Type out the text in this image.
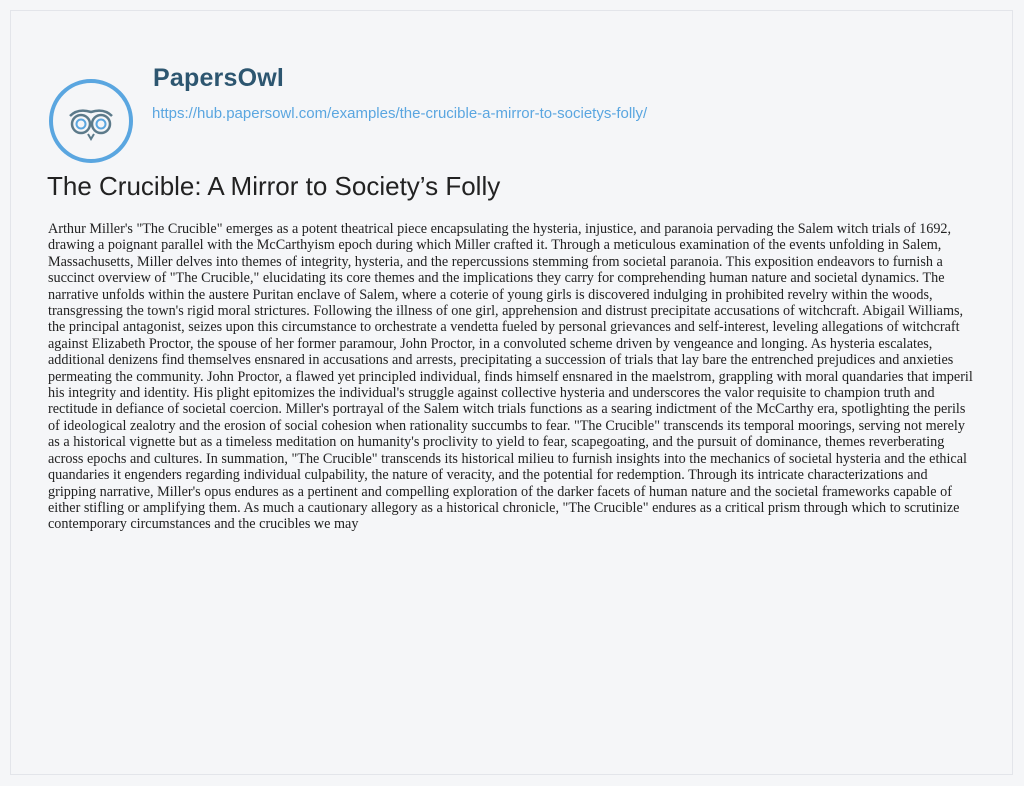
PapersOwl
https://hub.papersowl.com/examples/the-crucible-a-mirror-to-societys-folly/
The Crucible: A Mirror to Society’s Folly

Arthur Miller's "The Crucible" emerges as a potent theatrical piece encapsulating the hysteria, injustice, and paranoia pervading the Salem witch trials of 1692, drawing a poignant parallel with the McCarthyism epoch during which Miller crafted it. Through a meticulous examination of the events unfolding in Salem, Massachusetts, Miller delves into themes of integrity, hysteria, and the repercussions stemming from societal paranoia. This exposition endeavors to furnish a succinct overview of "The Crucible," elucidating its core themes and the implications they carry for comprehending human nature and societal dynamics. The narrative unfolds within the austere Puritan enclave of Salem, where a coterie of young girls is discovered indulging in prohibited revelry within the woods, transgressing the town's rigid moral strictures. Following the illness of one girl, apprehension and distrust precipitate accusations of witchcraft. Abigail Williams, the principal antagonist, seizes upon this circumstance to orchestrate a vendetta fueled by personal grievances and self-interest, leveling allegations of witchcraft against Elizabeth Proctor, the spouse of her former paramour, John Proctor, in a convoluted scheme driven by vengeance and longing. As hysteria escalates, additional denizens find themselves ensnared in accusations and arrests, precipitating a succession of trials that lay bare the entrenched prejudices and anxieties permeating the community. John Proctor, a flawed yet principled individual, finds himself ensnared in the maelstrom, grappling with moral quandaries that imperil his integrity and identity. His plight epitomizes the individual's struggle against collective hysteria and underscores the valor requisite to champion truth and rectitude in defiance of societal coercion. Miller's portrayal of the Salem witch trials functions as a searing indictment of the McCarthy era, spotlighting the perils of ideological zealotry and the erosion of social cohesion when rationality succumbs to fear. "The Crucible" transcends its temporal moorings, serving not merely as a historical vignette but as a timeless meditation on humanity's proclivity to yield to fear, scapegoating, and the pursuit of dominance, themes reverberating across epochs and cultures. In summation, "The Crucible" transcends its historical milieu to furnish insights into the mechanics of societal hysteria and the ethical quandaries it engenders regarding individual culpability, the nature of veracity, and the potential for redemption. Through its intricate characterizations and gripping narrative, Miller's opus endures as a pertinent and compelling exploration of the darker facets of human nature and the societal frameworks capable of either stifling or amplifying them. As much a cautionary allegory as a historical chronicle, "The Crucible" endures as a critical prism through which to scrutinize contemporary circumstances and the crucibles we may
